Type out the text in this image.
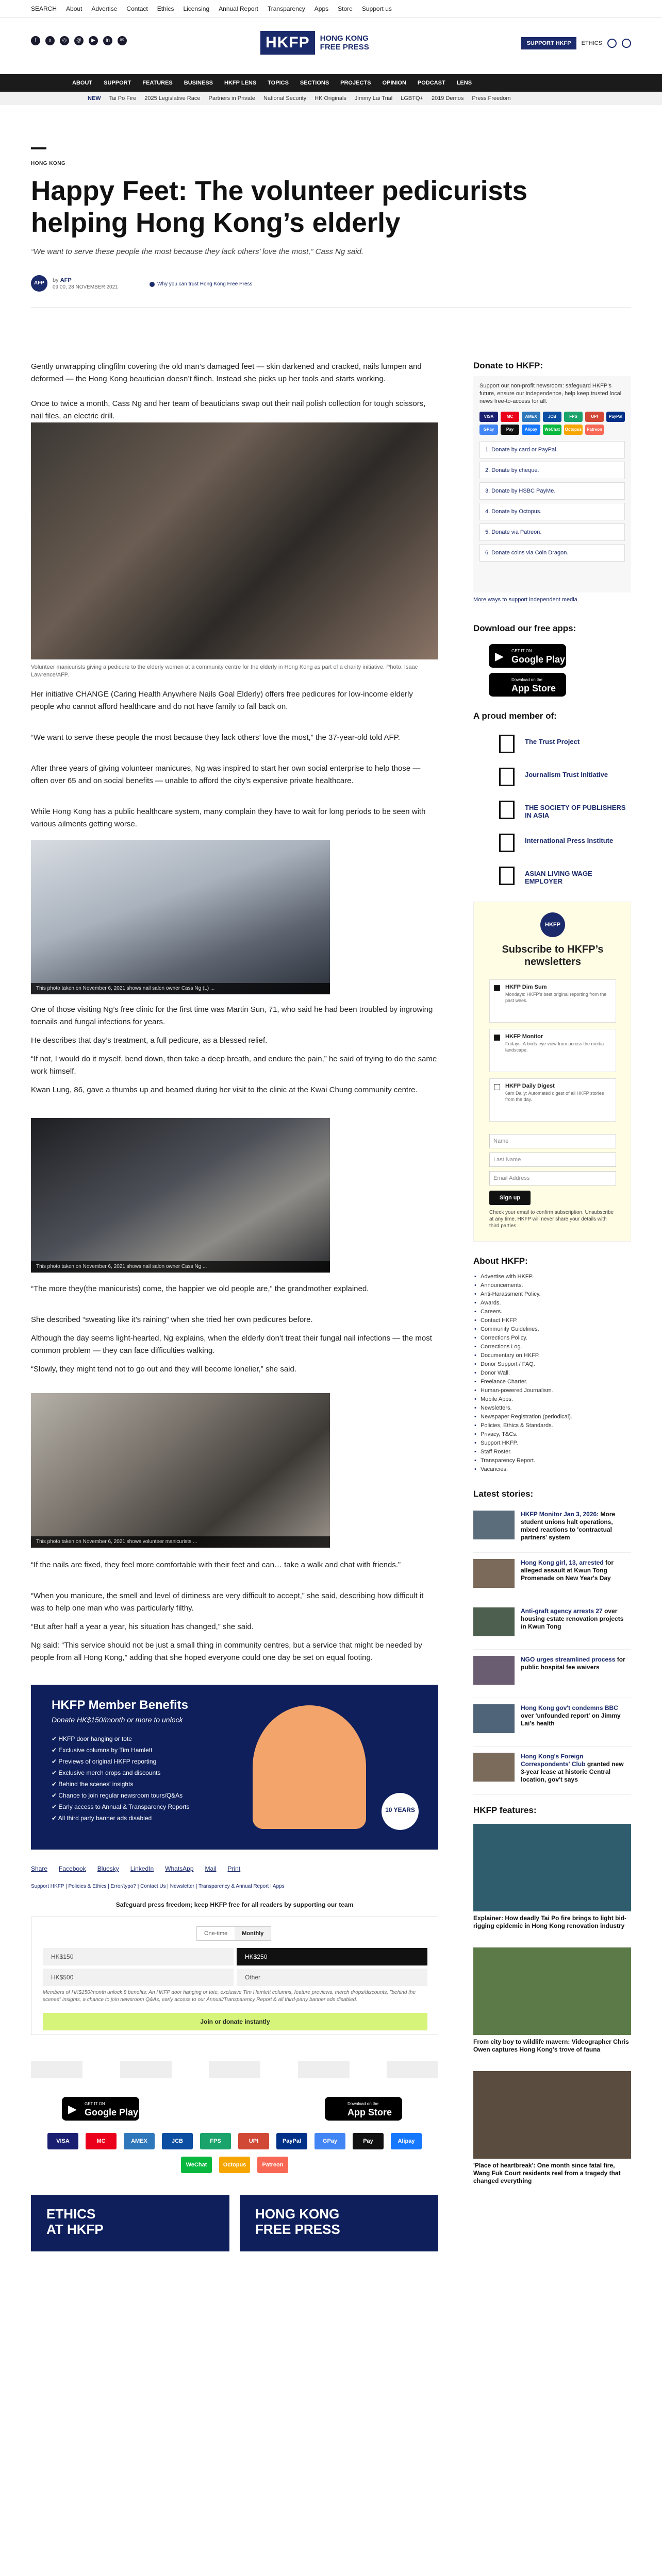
SEARCH About Advertise Contact Ethics Licensing Annual Report Transparency Apps Store Support us
f	x	◎	@	▶	in	✉	HKFP	HONG KONG
FREE PRESS	SUPPORT HKFP	ETHICS
ABOUT SUPPORT FEATURES BUSINESS HKFP LENS TOPICS SECTIONS PROJECTS OPINION PODCAST LENS
NEW Tai Po Fire 2025 Legislative Race Partners in Private National Security HK Originals Jimmy Lai Trial LGBTQ+ 2019 Demos Press Freedom
HONG KONG
Happy Feet: The volunteer pedicurists helping Hong Kong’s elderly
“We want to serve these people the most because they lack others’ love the most,” Cass Ng said.
AFP	by AFP
09:00, 28 NOVEMBER 2021	Why you can trust Hong Kong Free Press

Gently unwrapping clingfilm covering the old man’s damaged feet — skin darkened and cracked, nails lumpen and deformed — the Hong Kong beautician doesn’t flinch. Instead she picks up her tools and starts working.

Once to twice a month, Cass Ng and her team of beauticians swap out their nail polish collection for tough scissors, nail files, an electric drill.

Volunteer manicurists giving a pedicure to the elderly women at a community centre for the elderly in Hong Kong as part of a charity initiative. Photo: Isaac Lawrence/AFP.

Her initiative CHANGE (Caring Health Anywhere Nails Goal Elderly) offers free pedicures for low-income elderly people who cannot afford healthcare and do not have family to fall back on.

“We want to serve these people the most because they lack others’ love the most,” the 37-year-old told AFP.

After three years of giving volunteer manicures, Ng was inspired to start her own social enterprise to help those — often over 65 and on social benefits — unable to afford the city’s expensive private healthcare.

While Hong Kong has a public healthcare system, many complain they have to wait for long periods to be seen with various ailments getting worse.

This photo taken on November 6, 2021 shows nail salon owner Cass Ng (L) ...

One of those visiting Ng’s free clinic for the first time was Martin Sun, 71, who said he had been troubled by ingrowing toenails and fungal infections for years.

He describes that day’s treatment, a full pedicure, as a blessed relief.

“If not, I would do it myself, bend down, then take a deep breath, and endure the pain,” he said of trying to do the same work himself.

Kwan Lung, 86, gave a thumbs up and beamed during her visit to the clinic at the Kwai Chung community centre.

This photo taken on November 6, 2021 shows nail salon owner Cass Ng ...

“The more they(the manicurists) come, the happier we old people are,” the grandmother explained.

She described “sweating like it’s raining” when she tried her own pedicures before.

Although the day seems light-hearted, Ng explains, when the elderly don’t treat their fungal nail infections — the most common problem — they can face difficulties walking.

“Slowly, they might tend not to go out and they will become lonelier,” she said.

This photo taken on November 6, 2021 shows volunteer manicurists ...

“If the nails are fixed, they feel more comfortable with their feet and can… take a walk and chat with friends.”

“When you manicure, the smell and level of dirtiness are very difficult to accept,” she said, describing how difficult it was to help one man who was particularly filthy.

“But after half a year a year, his situation has changed,” she said.

Ng said: “This service should not be just a small thing in community centres, but a service that might be needed by people from all Hong Kong,” adding that she hoped everyone could one day be set on equal footing.

HKFP Member Benefits
Donate HK$150/month or more to unlock
✔ HKFP door hanging or tote
✔ Exclusive columns by Tim Hamlett
✔ Previews of original HKFP reporting
✔ Exclusive merch drops and discounts
✔ Behind the scenes' insights
✔ Chance to join regular newsroom tours/Q&As
✔ Early access to Annual & Transparency Reports
✔ All third party banner ads disabled
10 YEARS
Share Facebook Bluesky LinkedIn WhatsApp Mail Print
Support HKFP | Policies & Ethics | Error/typo? | Contact Us | Newsletter | Transparency & Annual Report | Apps
Safeguard press freedom; keep HKFP free for all readers by supporting our team
One-time	Monthly
HK$150	HK$250
HK$500	Other
Members of HK$150/month unlock 8 benefits: An HKFP door hanging or tote, exclusive Tim Hamlett columns, feature previews, merch drops/discounts, "behind the scenes" insights, a chance to join newsroom Q&As, early access to our Annual/Transparency Report & all third-party banner ads disabled.
Join or donate instantly
▶ GET IT ON
Google Play
Download on the
App Store
VISA	MC	AMEX	JCB	FPS	UPI	PayPal	GPay	Pay	Alipay
WeChat	Octopus	Patreon
ETHICS
AT HKFP
HONG KONG
FREE PRESS
Donate to HKFP:
Support our non-profit newsroom: safeguard HKFP’s future, ensure our independence, help keep trusted local news free-to-access for all.
VISA	MC	AMEX	JCB	FPS	UPI	PayPal
GPay	Pay	Alipay	WeChat	Octopus	Patreon
1. Donate by card or PayPal.
2. Donate by cheque.
3. Donate by HSBC PayMe.
4. Donate by Octopus.
5. Donate via Patreon.
6. Donate coins via Coin Dragon.
More ways to support independent media.
Download our free apps:
▶ GET IT ON
Google Play
Download on the
App Store
A proud member of:
The Trust Project
Journalism Trust Initiative
THE SOCIETY OF PUBLISHERS IN ASIA
International Press Institute
ASIAN LIVING WAGE EMPLOYER
HKFP
Subscribe to HKFP’s newsletters
HKFP Dim Sum
Mondays: HKFP's best original reporting from the past week.
HKFP Monitor
Fridays: A birds-eye view from across the media landscape.
HKFP Daily Digest
6am Daily: Automated digest of all HKFP stories from the day.
Name
Last Name
Email Address
Sign up
Check your email to confirm subscription. Unsubscribe at any time. HKFP will never share your details with third parties.
About HKFP:
• Advertise with HKFP.
• Announcements.
• Anti-Harassment Policy.
• Awards.
• Careers.
• Contact HKFP.
• Community Guidelines.
• Corrections Policy.
• Corrections Log.
• Documentary on HKFP.
• Donor Support / FAQ.
• Donor Wall.
• Freelance Charter.
• Human-powered Journalism.
• Mobile Apps.
• Newsletters.
• Newspaper Registration (periodical).
• Policies, Ethics & Standards.
• Privacy, T&Cs.
• Support HKFP.
• Staff Roster.
• Transparency Report.
• Vacancies.
Latest stories:
HKFP Monitor Jan 3, 2026: More student unions halt operations, mixed reactions to 'contractual partners' system
Hong Kong girl, 13, arrested for alleged assault at Kwun Tong Promenade on New Year's Day
Anti-graft agency arrests 27 over housing estate renovation projects in Kwun Tong
NGO urges streamlined process for public hospital fee waivers
Hong Kong gov't condemns BBC over 'unfounded report' on Jimmy Lai's health
Hong Kong's Foreign Correspondents' Club granted new 3-year lease at historic Central location, gov't says
HKFP features:
Explainer: How deadly Tai Po fire brings to light bid-rigging epidemic in Hong Kong renovation industry
From city boy to wildlife mavern: Videographer Chris Owen captures Hong Kong's trove of fauna
'Place of heartbreak': One month since fatal fire, Wang Fuk Court residents reel from a tragedy that changed everything
